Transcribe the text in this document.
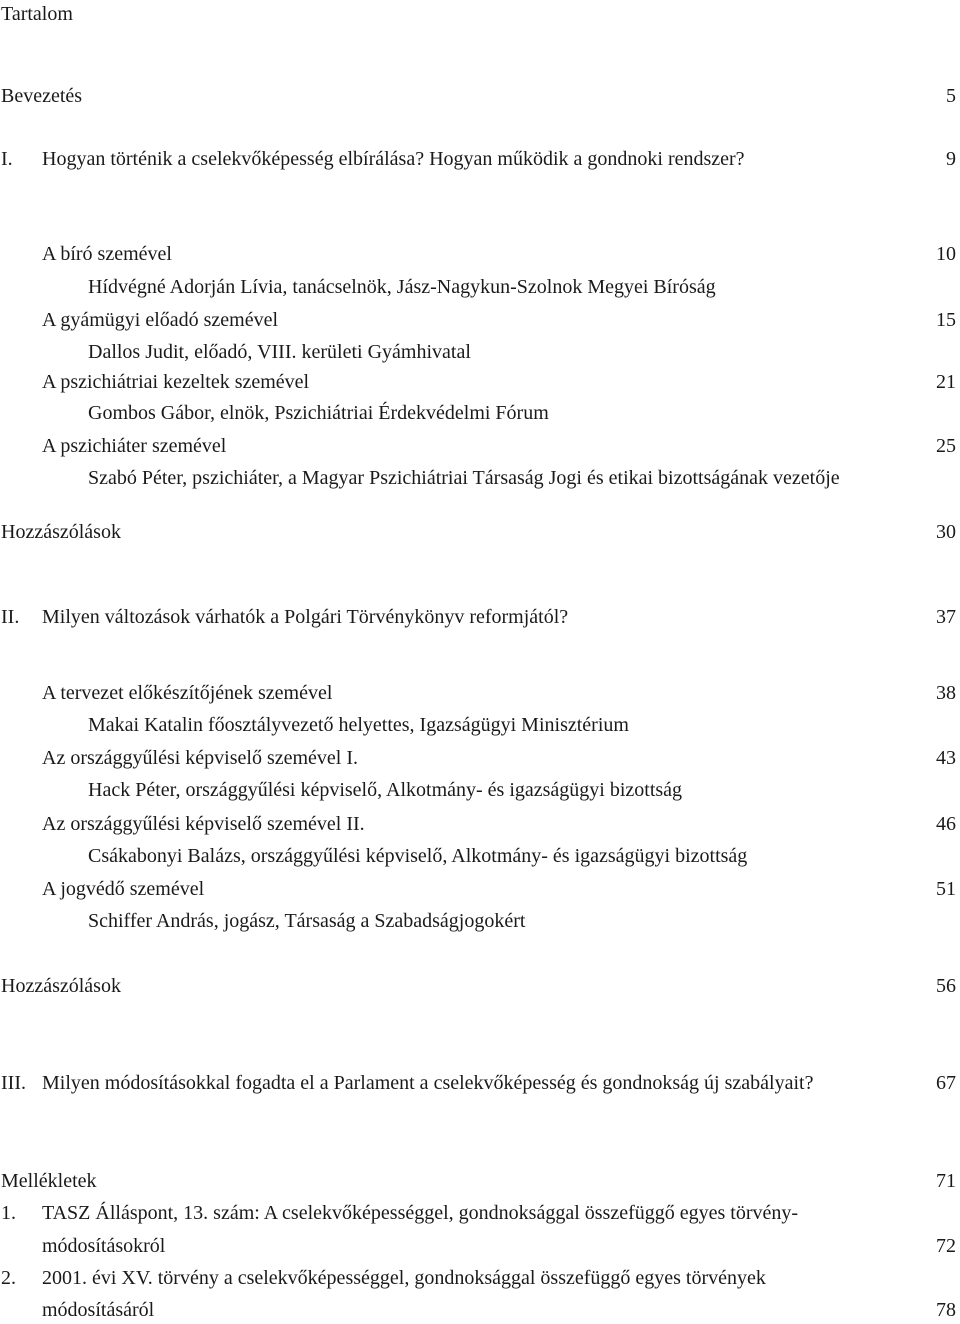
Tartalom
Bevezetés	5
I. Hogyan történik a cselekvőképesség elbírálása? Hogyan működik a gondnoki rendszer?	9
A bíró szemével	10
Hídvégné Adorján Lívia, tanácselnök, Jász-Nagykun-Szolnok Megyei Bíróság
A gyámügyi előadó szemével	15
Dallos Judit, előadó, VIII. kerületi Gyámhivatal
A pszichiátriai kezeltek szemével	21
Gombos Gábor, elnök, Pszichiátriai Érdekvédelmi Fórum
A pszichiáter szemével	25
Szabó Péter, pszichiáter, a Magyar Pszichiátriai Társaság Jogi és etikai bizottságának vezetője
Hozzászólások	30
II. Milyen változások várhatók a Polgári Törvénykönyv reformjától?	37
A tervezet előkészítőjének szemével	38
Makai Katalin főosztályvezető helyettes, Igazságügyi Minisztérium
Az országgyűlési képviselő szemével I.	43
Hack Péter, országgyűlési képviselő, Alkotmány- és igazságügyi bizottság
Az országgyűlési képviselő szemével II.	46
Csákabonyi Balázs, országgyűlési képviselő, Alkotmány- és igazságügyi bizottság
A jogvédő szemével	51
Schiffer András, jogász, Társaság a Szabadságjogokért
Hozzászólások	56
III. Milyen módosításokkal fogadta el a Parlament a cselekvőképesség és gondnokság új szabályait?	67
Mellékletek	71
1. TASZ Álláspont, 13. szám: A cselekvőképességgel, gondnoksággal összefüggő egyes törvény-
módosításokról	72
2. 2001. évi XV. törvény a cselekvőképességgel, gondnoksággal összefüggő egyes törvények
módosításáról	78
